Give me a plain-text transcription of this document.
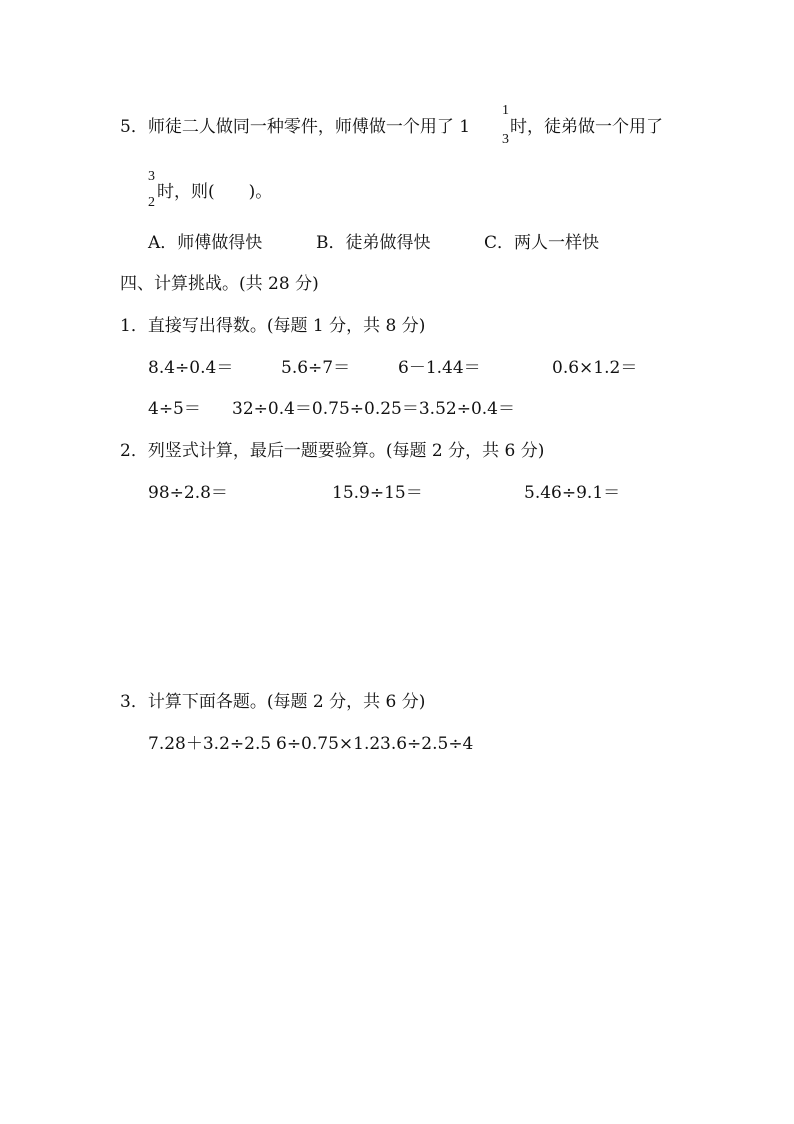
5．师徒二人做同一种零件，师傅做一个用了 1
1
3
时，徒弟做一个用了
3
2
时，则(　　)。
A．师傅做得快	B．徒弟做得快	C．两人一样快
四、计算挑战。(共 28 分)
1．直接写出得数。(每题 1 分，共 8 分)
8.4÷0.4＝	5.6÷7＝	6－1.44＝	0.6×1.2＝
4÷5＝ 32÷0.4＝0.75÷0.25＝3.52÷0.4＝
2．列竖式计算，最后一题要验算。(每题 2 分，共 6 分)
98÷2.8＝	15.9÷15＝	5.46÷9.1＝
3．计算下面各题。(每题 2 分，共 6 分)
7.28＋3.2÷2.5 6÷0.75×1.2 3.6÷2.5÷4
